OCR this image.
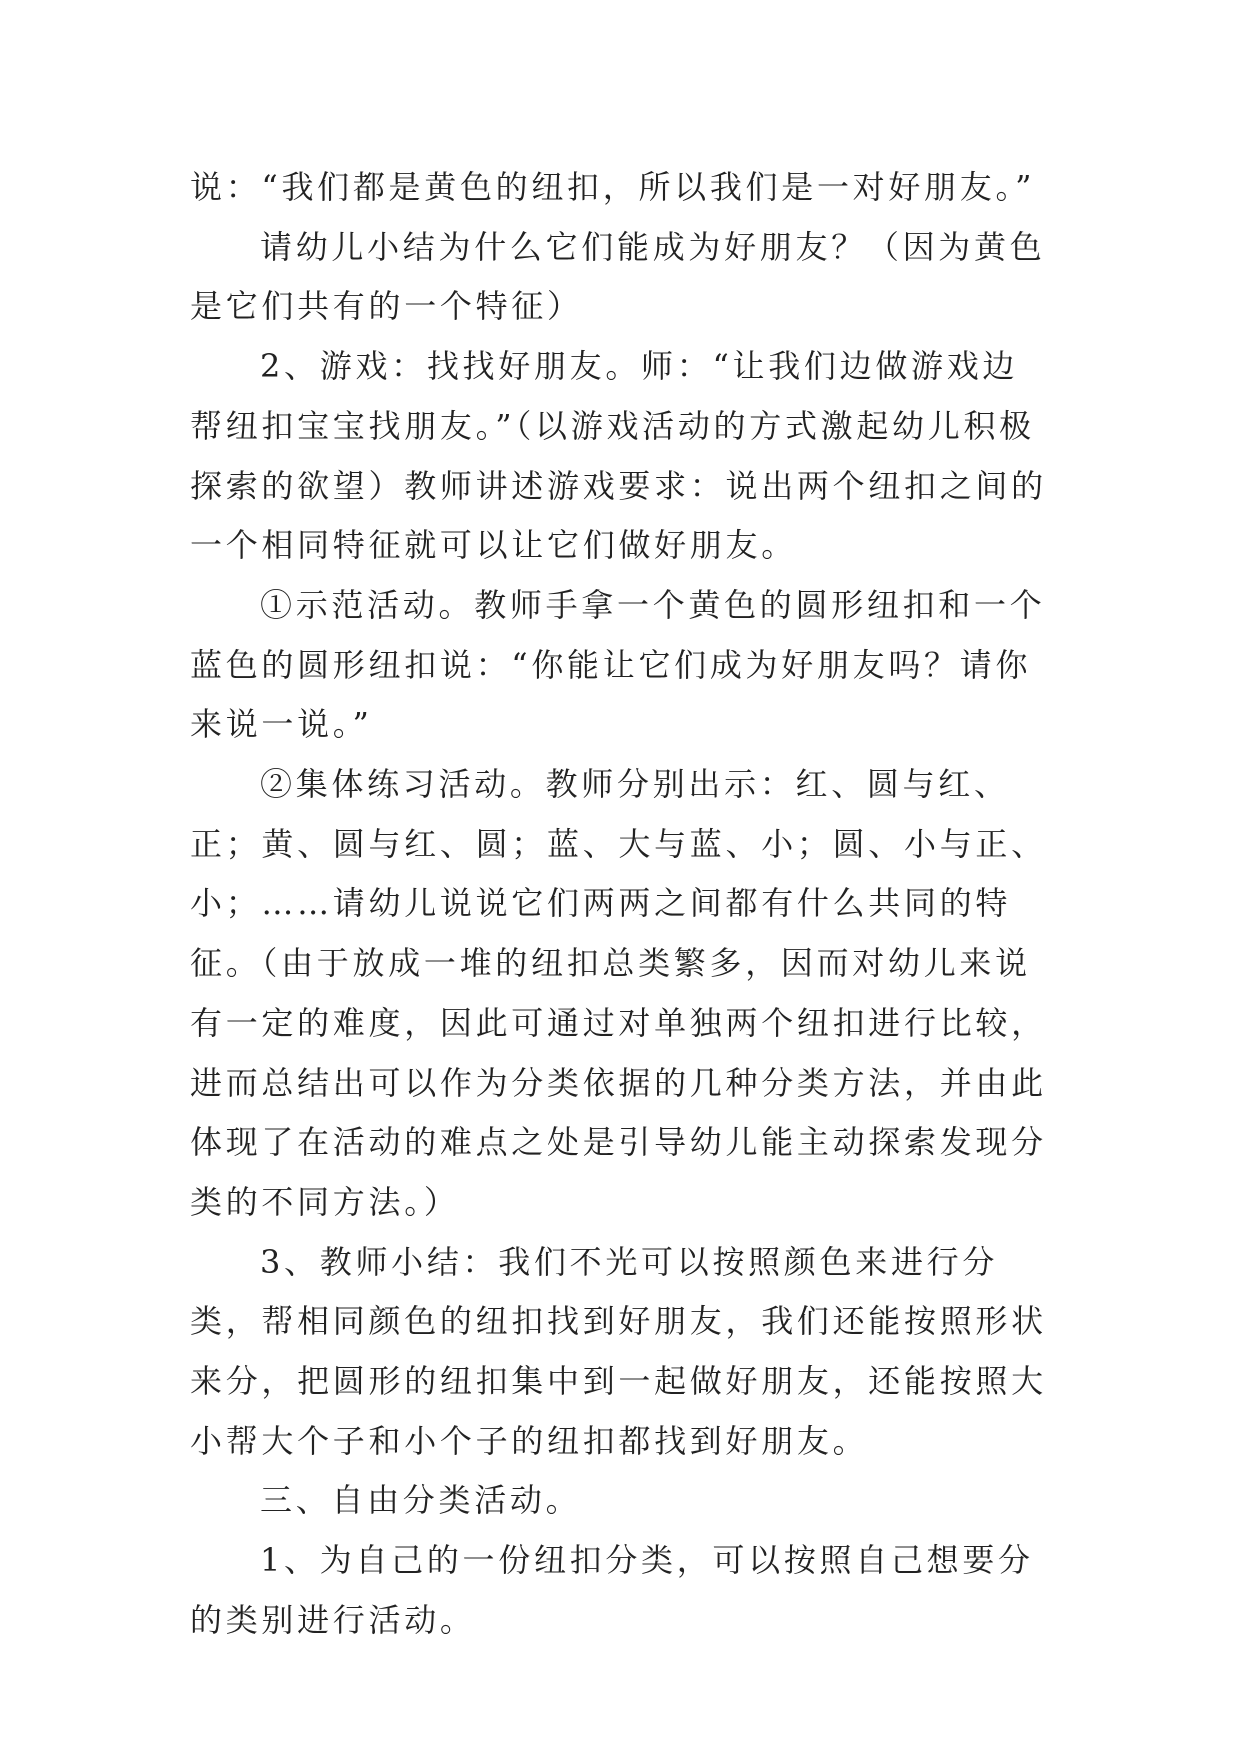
说：“我们都是黄色的纽扣，所以我们是一对好朋友。”

请幼儿小结为什么它们能成为好朋友？（因为黄色是它们共有的一个特征）

2、游戏：找找好朋友。师：“让我们边做游戏边帮纽扣宝宝找朋友。”（以游戏活动的方式激起幼儿积极探索的欲望）教师讲述游戏要求：说出两个纽扣之间的一个相同特征就可以让它们做好朋友。

①示范活动。教师手拿一个黄色的圆形纽扣和一个蓝色的圆形纽扣说：“你能让它们成为好朋友吗？请你来说一说。”

②集体练习活动。教师分别出示：红、圆与红、正；黄、圆与红、圆；蓝、大与蓝、小；圆、小与正、小；……请幼儿说说它们两两之间都有什么共同的特征。（由于放成一堆的纽扣总类繁多，因而对幼儿来说有一定的难度，因此可通过对单独两个纽扣进行比较，进而总结出可以作为分类依据的几种分类方法，并由此体现了在活动的难点之处是引导幼儿能主动探索发现分类的不同方法。）

3、教师小结：我们不光可以按照颜色来进行分类，帮相同颜色的纽扣找到好朋友，我们还能按照形状来分，把圆形的纽扣集中到一起做好朋友，还能按照大小帮大个子和小个子的纽扣都找到好朋友。

三、自由分类活动。

1、为自己的一份纽扣分类，可以按照自己想要分的类别进行活动。
